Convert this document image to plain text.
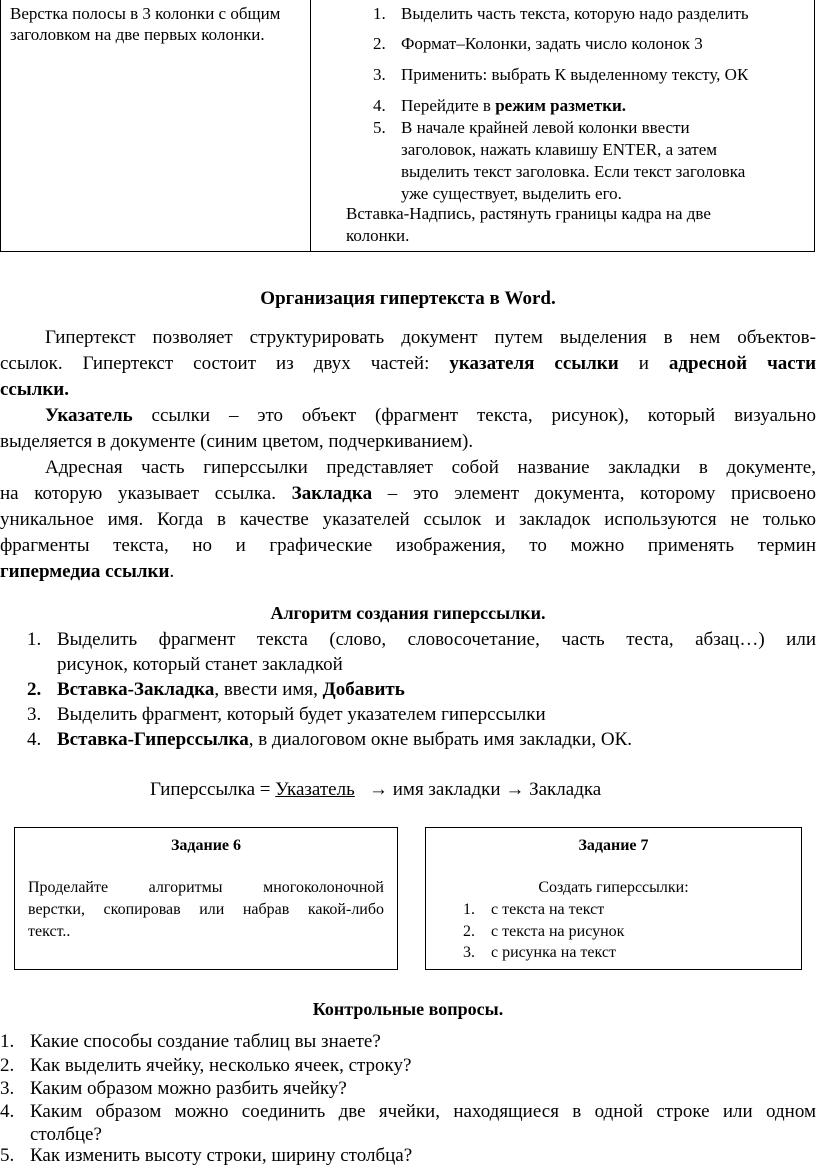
Верстка полосы в 3 колонки с общим заголовком на две первых колонки.
1. Выделить часть текста, которую надо разделить
2. Формат–Колонки, задать число колонок 3
3. Применить: выбрать К выделенному тексту, ОК
4. Перейдите в режим разметки.
5. В начале крайней левой колонки ввести
заголовок, нажать клавишу ENTER, а затем
выделить текст заголовка. Если текст заголовка
уже существует, выделить его.
Вставка-Надпись, растянуть границы кадра на две
колонки.
Организация гипертекста в Word.
Гипертекст позволяет структурировать документ путем выделения в нем объектов-
ссылок. Гипертекст состоит из двух частей: указателя ссылки и адресной части
ссылки.
Указатель ссылки – это объект (фрагмент текста, рисунок), который визуально
выделяется в документе (синим цветом, подчеркиванием).
Адресная часть гиперссылки представляет собой название закладки в документе,
на которую указывает ссылка. Закладка – это элемент документа, которому присвоено
уникальное имя. Когда в качестве указателей ссылок и закладок используются не только
фрагменты текста, но и графические изображения, то можно применять термин
гипермедиа ссылки.
Алгоритм создания гиперссылки.
1. Выделить фрагмент текста (слово, словосочетание, часть теста, абзац…) или
рисунок, который станет закладкой
2. Вставка-Закладка, ввести имя, Добавить
3. Выделить фрагмент, который будет указателем гиперссылки
4. Вставка-Гиперссылка, в диалоговом окне выбрать имя закладки, ОК.
Гиперссылка = Указатель → имя закладки → Закладка
Задание 6
Проделайте алгоритмы многоколоночной
верстки, скопировав или набрав какой-либо
текст..
Задание 7
Создать гиперссылки:
1. с текста на текст
2. с текста на рисунок
3. с рисунка на текст
Контрольные вопросы.
1. Какие способы создание таблиц вы знаете?
2. Как выделить ячейку, несколько ячеек, строку?
3. Каким образом можно разбить ячейку?
4. Каким образом можно соединить две ячейки, находящиеся в одной строке или одном
столбце?
5. Как изменить высоту строки, ширину столбца?
